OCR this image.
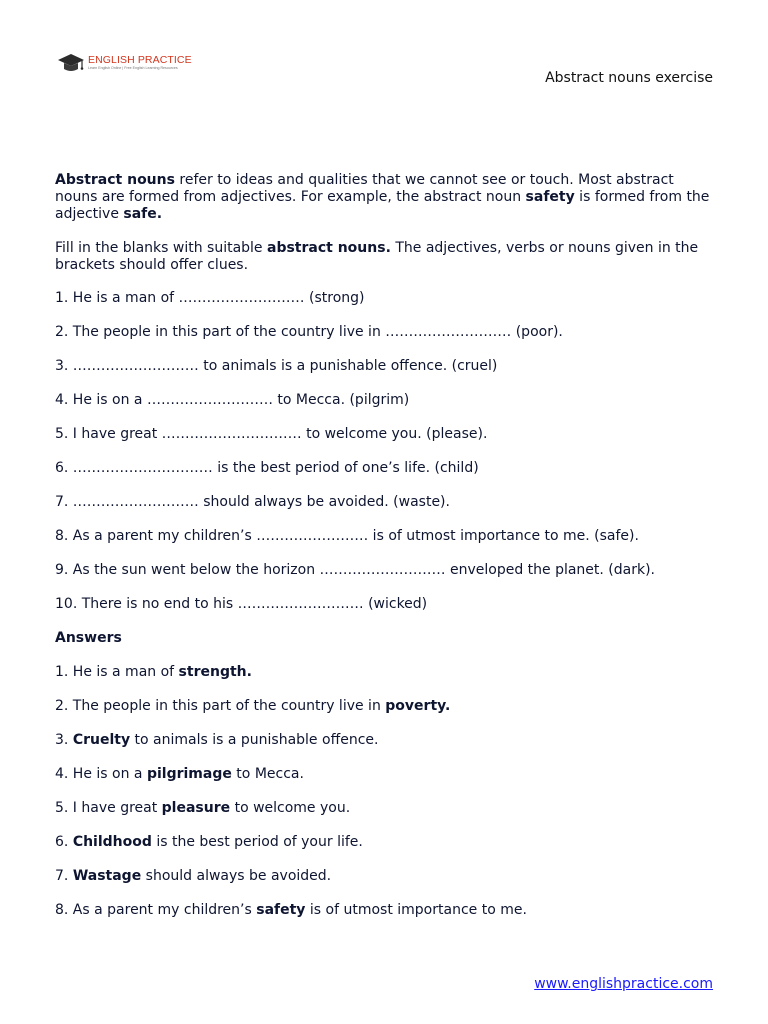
ENGLISH PRACTICE
Learn English Online | Free English Learning Resources
Abstract nouns exercise

Abstract nouns refer to ideas and qualities that we cannot see or touch. Most abstract nouns are formed from adjectives. For example, the abstract noun safety is formed from the adjective safe.

Fill in the blanks with suitable abstract nouns. The adjectives, verbs or nouns given in the brackets should offer clues.

1. He is a man of ……………………… (strong)

2. The people in this part of the country live in ……………………… (poor).

3. ……………………… to animals is a punishable offence. (cruel)

4. He is on a ……………………… to Mecca. (pilgrim)

5. I have great ………………………… to welcome you. (please).

6. ………………………… is the best period of one’s life. (child)

7. ……………………… should always be avoided. (waste).

8. As a parent my children’s …………………… is of utmost importance to me. (safe).

9. As the sun went below the horizon ……………………… enveloped the planet. (dark).

10. There is no end to his ……………………… (wicked)

Answers

1. He is a man of strength.

2. The people in this part of the country live in poverty.

3. Cruelty to animals is a punishable offence.

4. He is on a pilgrimage to Mecca.

5. I have great pleasure to welcome you.

6. Childhood is the best period of your life.

7. Wastage should always be avoided.

8. As a parent my children’s safety is of utmost importance to me.

www.englishpractice.com
